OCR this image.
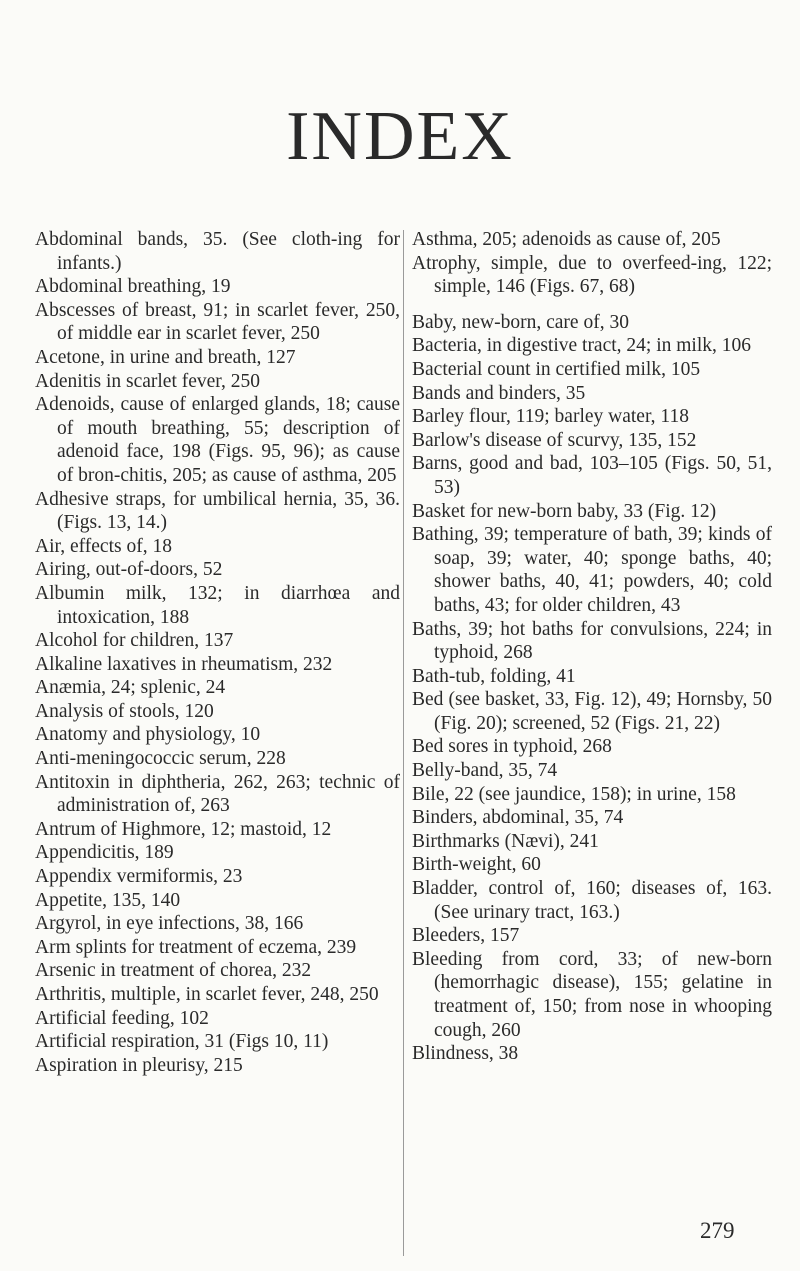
INDEX
Abdominal bands, 35. (See cloth-ing for infants.)
Abdominal breathing, 19
Abscesses of breast, 91; in scarlet fever, 250, of middle ear in scarlet fever, 250
Acetone, in urine and breath, 127
Adenitis in scarlet fever, 250
Adenoids, cause of enlarged glands, 18; cause of mouth breathing, 55; description of adenoid face, 198 (Figs. 95, 96); as cause of bron-chitis, 205; as cause of asthma, 205
Adhesive straps, for umbilical hernia, 35, 36. (Figs. 13, 14.)
Air, effects of, 18
Airing, out-of-doors, 52
Albumin milk, 132; in diarrhœa and intoxication, 188
Alcohol for children, 137
Alkaline laxatives in rheumatism, 232
Anæmia, 24; splenic, 24
Analysis of stools, 120
Anatomy and physiology, 10
Anti-meningococcic serum, 228
Antitoxin in diphtheria, 262, 263; technic of administration of, 263
Antrum of Highmore, 12; mastoid, 12
Appendicitis, 189
Appendix vermiformis, 23
Appetite, 135, 140
Argyrol, in eye infections, 38, 166
Arm splints for treatment of eczema, 239
Arsenic in treatment of chorea, 232
Arthritis, multiple, in scarlet fever, 248, 250
Artificial feeding, 102
Artificial respiration, 31 (Figs 10, 11)
Aspiration in pleurisy, 215
Asthma, 205; adenoids as cause of, 205
Atrophy, simple, due to overfeed-ing, 122; simple, 146 (Figs. 67, 68)
Baby, new-born, care of, 30
Bacteria, in digestive tract, 24; in milk, 106
Bacterial count in certified milk, 105
Bands and binders, 35
Barley flour, 119; barley water, 118
Barlow's disease of scurvy, 135, 152
Barns, good and bad, 103–105 (Figs. 50, 51, 53)
Basket for new-born baby, 33 (Fig. 12)
Bathing, 39; temperature of bath, 39; kinds of soap, 39; water, 40; sponge baths, 40; shower baths, 40, 41; powders, 40; cold baths, 43; for older children, 43
Baths, 39; hot baths for convulsions, 224; in typhoid, 268
Bath-tub, folding, 41
Bed (see basket, 33, Fig. 12), 49; Hornsby, 50 (Fig. 20); screened, 52 (Figs. 21, 22)
Bed sores in typhoid, 268
Belly-band, 35, 74
Bile, 22 (see jaundice, 158); in urine, 158
Binders, abdominal, 35, 74
Birthmarks (Nævi), 241
Birth-weight, 60
Bladder, control of, 160; diseases of, 163. (See urinary tract, 163.)
Bleeders, 157
Bleeding from cord, 33; of new-born (hemorrhagic disease), 155; gelatine in treatment of, 150; from nose in whooping cough, 260
Blindness, 38
279
